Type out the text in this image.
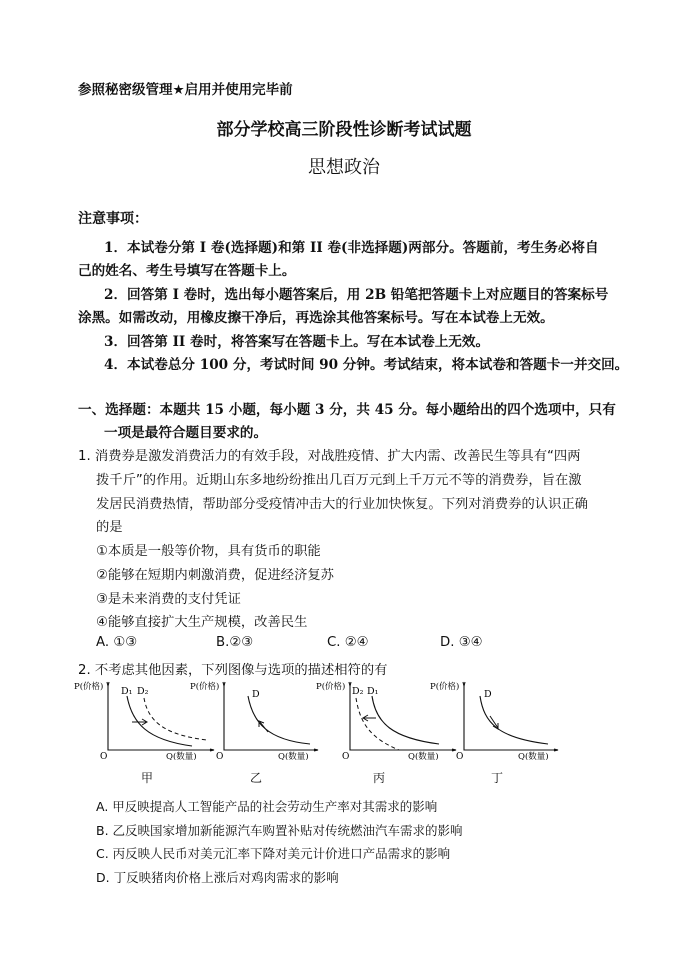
参照秘密级管理★启用并使用完毕前
部分学校高三阶段性诊断考试试题
思想政治
注意事项：
1．本试卷分第 I 卷(选择题)和第 II 卷(非选择题)两部分。答题前，考生务必将自
己的姓名、考生号填写在答题卡上。
2．回答第 I 卷时，选出每小题答案后，用 2B 铅笔把答题卡上对应题目的答案标号
涂黑。如需改动，用橡皮擦干净后，再选涂其他答案标号。写在本试卷上无效。
3．回答第 II 卷时，将答案写在答题卡上。写在本试卷上无效。
4．本试卷总分 100 分，考试时间 90 分钟。考试结束，将本试卷和答题卡一并交回。
一、选择题：本题共 15 小题，每小题 3 分，共 45 分。每小题给出的四个选项中，只有
一项是最符合题目要求的。
1. 消费券是激发消费活力的有效手段，对战胜疫情、扩大内需、改善民生等具有“四两
拨千斤”的作用。近期山东多地纷纷推出几百万元到上千万元不等的消费券，旨在激
发居民消费热情，帮助部分受疫情冲击大的行业加快恢复。下列对消费券的认识正确
的是
①本质是一般等价物，具有货币的职能
②能够在短期内刺激消费，促进经济复苏
③是未来消费的支付凭证
④能够直接扩大生产规模，改善民生
A. ①③	B.②③	C. ②④	D. ③④
2. 不考虑其他因素，下列图像与选项的描述相符的有
P(价格)
Q(数量)
O
D₁ D₂
甲
P(价格)
Q(数量)
O
D
乙
P(价格)
Q(数量)
O
D₂ D₁
丙
P(价格)
Q(数量)
O
D
丁
A. 甲反映提高人工智能产品的社会劳动生产率对其需求的影响
B. 乙反映国家增加新能源汽车购置补贴对传统燃油汽车需求的影响
C. 丙反映人民币对美元汇率下降对美元计价进口产品需求的影响
D. 丁反映猪肉价格上涨后对鸡肉需求的影响
